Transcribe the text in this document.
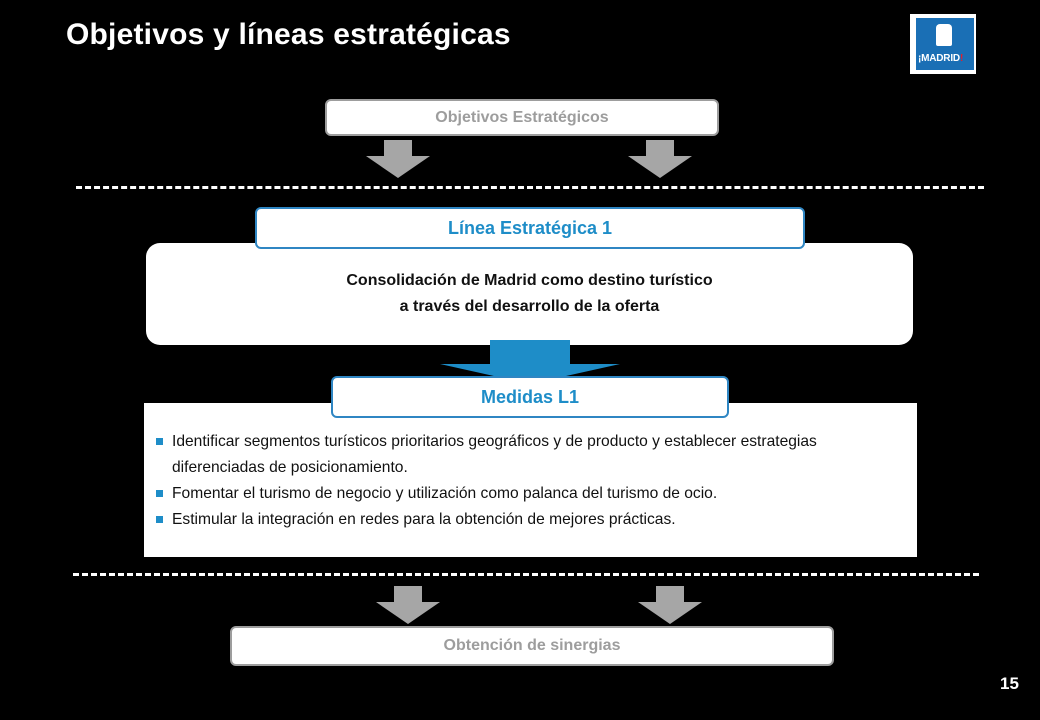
Objetivos y líneas estratégicas
¡MADRID!
Objetivos Estratégicos
Consolidación de Madrid como destino turístico
a través del desarrollo de la oferta
Línea Estratégica 1
Identificar segmentos turísticos prioritarios geográficos y de producto y establecer estrategias diferenciadas de posicionamiento.
Fomentar el turismo de negocio y utilización como palanca del turismo de ocio.
Estimular la integración en redes para la obtención de mejores prácticas.
Medidas L1
Obtención de sinergias
15
